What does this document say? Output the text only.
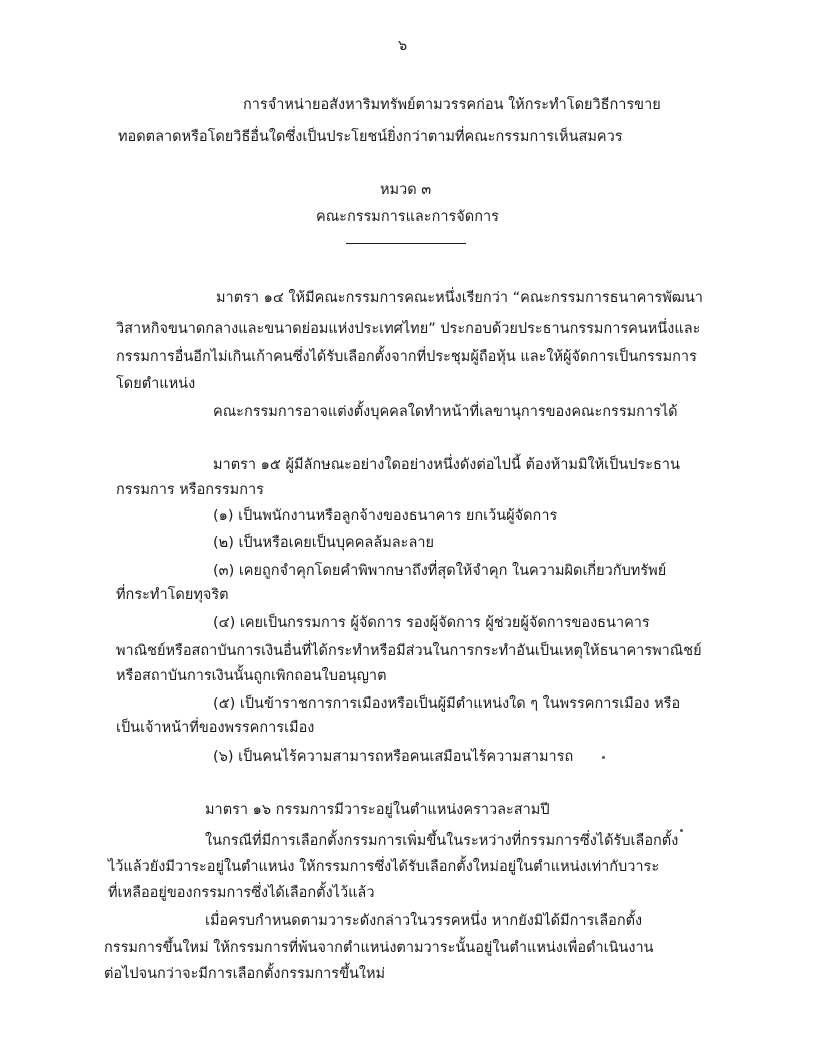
๖
การจำหน่ายอสังหาริมทรัพย์ตามวรรคก่อน ให้กระทำโดยวิธีการขาย
ทอดตลาดหรือโดยวิธีอื่นใดซึ่งเป็นประโยชน์ยิ่งกว่าตามที่คณะกรรมการเห็นสมควร
หมวด ๓
คณะกรรมการและการจัดการ
มาตรา ๑๔ ให้มีคณะกรรมการคณะหนึ่งเรียกว่า “คณะกรรมการธนาคารพัฒนา
วิสาหกิจขนาดกลางและขนาดย่อมแห่งประเทศไทย” ประกอบด้วยประธานกรรมการคนหนึ่งและ
กรรมการอื่นอีกไม่เกินเก้าคนซึ่งได้รับเลือกตั้งจากที่ประชุมผู้ถือหุ้น และให้ผู้จัดการเป็นกรรมการ
โดยตำแหน่ง
คณะกรรมการอาจแต่งตั้งบุคคลใดทำหน้าที่เลขานุการของคณะกรรมการได้
มาตรา ๑๕ ผู้มีลักษณะอย่างใดอย่างหนึ่งดังต่อไปนี้ ต้องห้ามมิให้เป็นประธาน
กรรมการ หรือกรรมการ
(๑) เป็นพนักงานหรือลูกจ้างของธนาคาร ยกเว้นผู้จัดการ
(๒) เป็นหรือเคยเป็นบุคคลล้มละลาย
(๓) เคยถูกจำคุกโดยคำพิพากษาถึงที่สุดให้จำคุก ในความผิดเกี่ยวกับทรัพย์
ที่กระทำโดยทุจริต
(๔) เคยเป็นกรรมการ ผู้จัดการ รองผู้จัดการ ผู้ช่วยผู้จัดการของธนาคาร
พาณิชย์หรือสถาบันการเงินอื่นที่ได้กระทำหรือมีส่วนในการกระทำอันเป็นเหตุให้ธนาคารพาณิชย์
หรือสถาบันการเงินนั้นถูกเพิกถอนใบอนุญาต
(๕) เป็นข้าราชการการเมืองหรือเป็นผู้มีตำแหน่งใด ๆ ในพรรคการเมือง หรือ
เป็นเจ้าหน้าที่ของพรรคการเมือง
(๖) เป็นคนไร้ความสามารถหรือคนเสมือนไร้ความสามารถ
มาตรา ๑๖ กรรมการมีวาระอยู่ในตำแหน่งคราวละสามปี
ในกรณีที่มีการเลือกตั้งกรรมการเพิ่มขึ้นในระหว่างที่กรรมการซึ่งได้รับเลือกตั้ง
ไว้แล้วยังมีวาระอยู่ในตำแหน่ง ให้กรรมการซึ่งได้รับเลือกตั้งใหม่อยู่ในตำแหน่งเท่ากับวาระ
ที่เหลืออยู่ของกรรมการซึ่งได้เลือกตั้งไว้แล้ว
เมื่อครบกำหนดตามวาระดังกล่าวในวรรคหนึ่ง หากยังมิได้มีการเลือกตั้ง
กรรมการขึ้นใหม่ ให้กรรมการที่พ้นจากตำแหน่งตามวาระนั้นอยู่ในตำแหน่งเพื่อดำเนินงาน
ต่อไปจนกว่าจะมีการเลือกตั้งกรรมการขึ้นใหม่
